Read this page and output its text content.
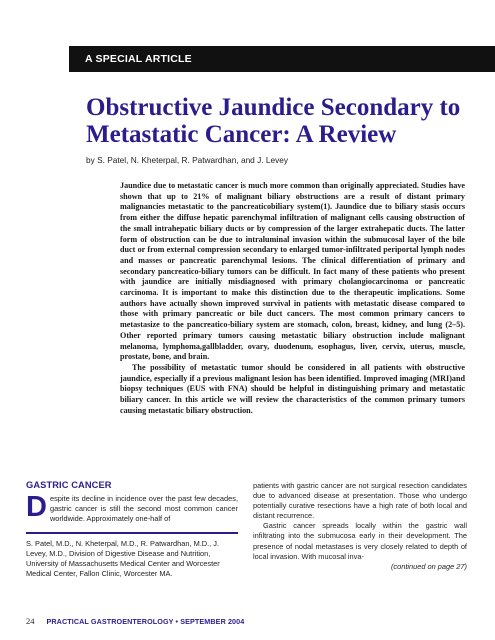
A SPECIAL ARTICLE
Obstructive Jaundice Secondary to Metastatic Cancer: A Review
by S. Patel, N. Kheterpal, R. Patwardhan, and J. Levey

Jaundice due to metastatic cancer is much more common than originally appreciated. Studies have shown that up to 21% of malignant biliary obstructions are a result of distant primary malignancies metastatic to the pancreaticobiliary system(1). Jaundice due to biliary stasis occurs from either the diffuse hepatic parenchymal infiltration of malignant cells causing obstruction of the small intrahepatic biliary ducts or by compression of the larger extrahepatic ducts. The latter form of obstruction can be due to intraluminal invasion within the submucosal layer of the bile duct or from external compression secondary to enlarged tumor-infiltrated periportal lymph nodes and masses or pancreatic parenchymal lesions. The clinical differentiation of primary and secondary pancreatico-biliary tumors can be difficult. In fact many of these patients who present with jaundice are initially misdiagnosed with primary cholangiocarcinoma or pancreatic carcinoma. It is important to make this distinction due to the therapeutic implications. Some authors have actually shown improved survival in patients with metastatic disease compared to those with primary pancreatic or bile duct cancers. The most common primary cancers to metastasize to the pancreatico-biliary system are stomach, colon, breast, kidney, and lung (2–5). Other reported primary tumors causing metastatic biliary obstruction include malignant melanoma, lymphoma,gallbladder, ovary, duodenum, esophagus, liver, cervix, uterus, muscle, prostate, bone, and brain.

The possibility of metastatic tumor should be considered in all patients with obstructive jaundice, especially if a previous malignant lesion has been identified. Improved imaging (MRI)and biopsy techniques (EUS with FNA) should be helpful in distinguishing primary and metastatic biliary cancer. In this article we will review the characteristics of the common primary tumors causing metastatic biliary obstruction.

GASTRIC CANCER
D espite its decline in incidence over the past few decades, gastric cancer is still the second most common cancer worldwide. Approximately one-half of

S. Patel, M.D., N. Kheterpal, M.D., R. Patwardhan, M.D., J. Levey, M.D., Division of Digestive Disease and Nutrition, University of Massachusetts Medical Center and Worcester Medical Center, Fallon Clinic, Worcester MA.

patients with gastric cancer are not surgical resection candidates due to advanced disease at presentation. Those who undergo potentially curative resections have a high rate of both local and distant recurrence.

Gastric cancer spreads locally within the gastric wall infiltrating into the submucosa early in their development. The presence of nodal metastases is very closely related to depth of local invasion. With mucosal inva-

(continued on page 27)

24 PRACTICAL GASTROENTEROLOGY • SEPTEMBER 2004
